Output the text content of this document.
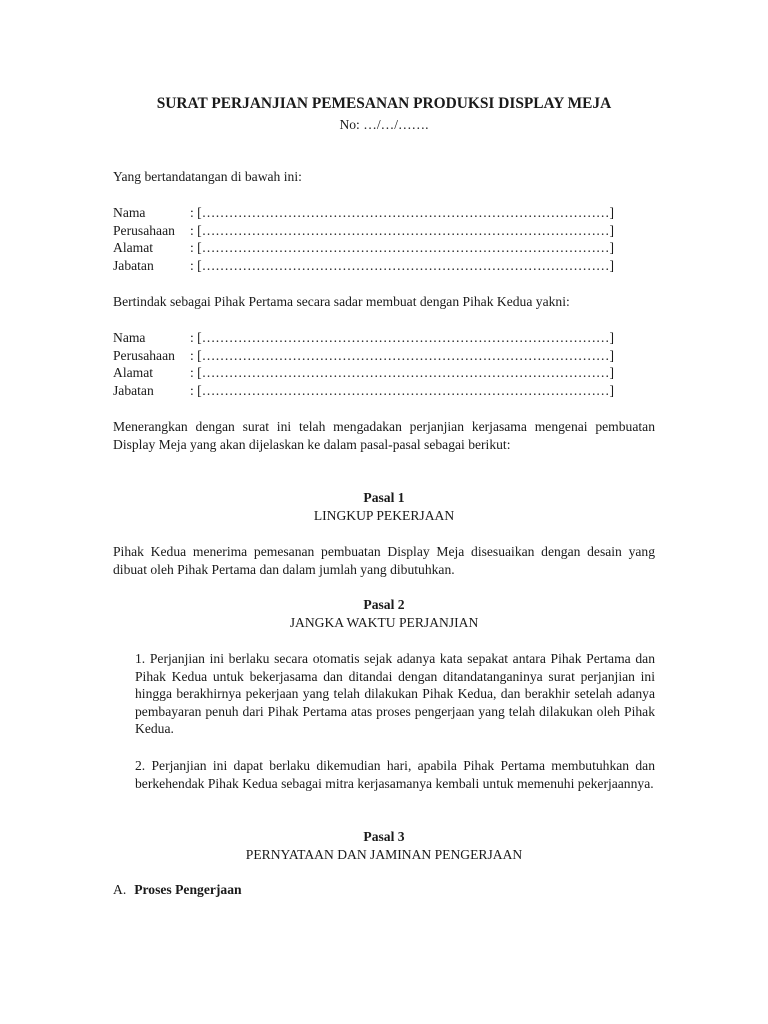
SURAT PERJANJIAN PEMESANAN PRODUKSI DISPLAY MEJA
No: …/…/…….
Yang bertandatangan di bawah ini:
Nama	: [………………………………………………………………………………]
Perusahaan : [………………………………………………………………………………]
Alamat	: [………………………………………………………………………………]
Jabatan	: [………………………………………………………………………………]
Bertindak sebagai Pihak Pertama secara sadar membuat dengan Pihak Kedua yakni:
Nama	: [………………………………………………………………………………]
Perusahaan : [………………………………………………………………………………]
Alamat	: [………………………………………………………………………………]
Jabatan	: [………………………………………………………………………………]
Menerangkan dengan surat ini telah mengadakan perjanjian kerjasama mengenai pembuatan Display Meja yang akan dijelaskan ke dalam pasal-pasal sebagai berikut:
Pasal 1
LINGKUP PEKERJAAN
Pihak Kedua menerima pemesanan pembuatan Display Meja disesuaikan dengan desain yang dibuat oleh Pihak Pertama dan dalam jumlah yang dibutuhkan.
Pasal 2
JANGKA WAKTU PERJANJIAN
1. Perjanjian ini berlaku secara otomatis sejak adanya kata sepakat antara Pihak Pertama dan Pihak Kedua untuk bekerjasama dan ditandai dengan ditandatanganinya surat perjanjian ini hingga berakhirnya pekerjaan yang telah dilakukan Pihak Kedua, dan berakhir setelah adanya pembayaran penuh dari Pihak Pertama atas proses pengerjaan yang telah dilakukan oleh Pihak Kedua.
2. Perjanjian ini dapat berlaku dikemudian hari, apabila Pihak Pertama membutuhkan dan berkehendak Pihak Kedua sebagai mitra kerjasamanya kembali untuk memenuhi pekerjaannya.
Pasal 3
PERNYATAAN DAN JAMINAN PENGERJAAN
A. Proses Pengerjaan
